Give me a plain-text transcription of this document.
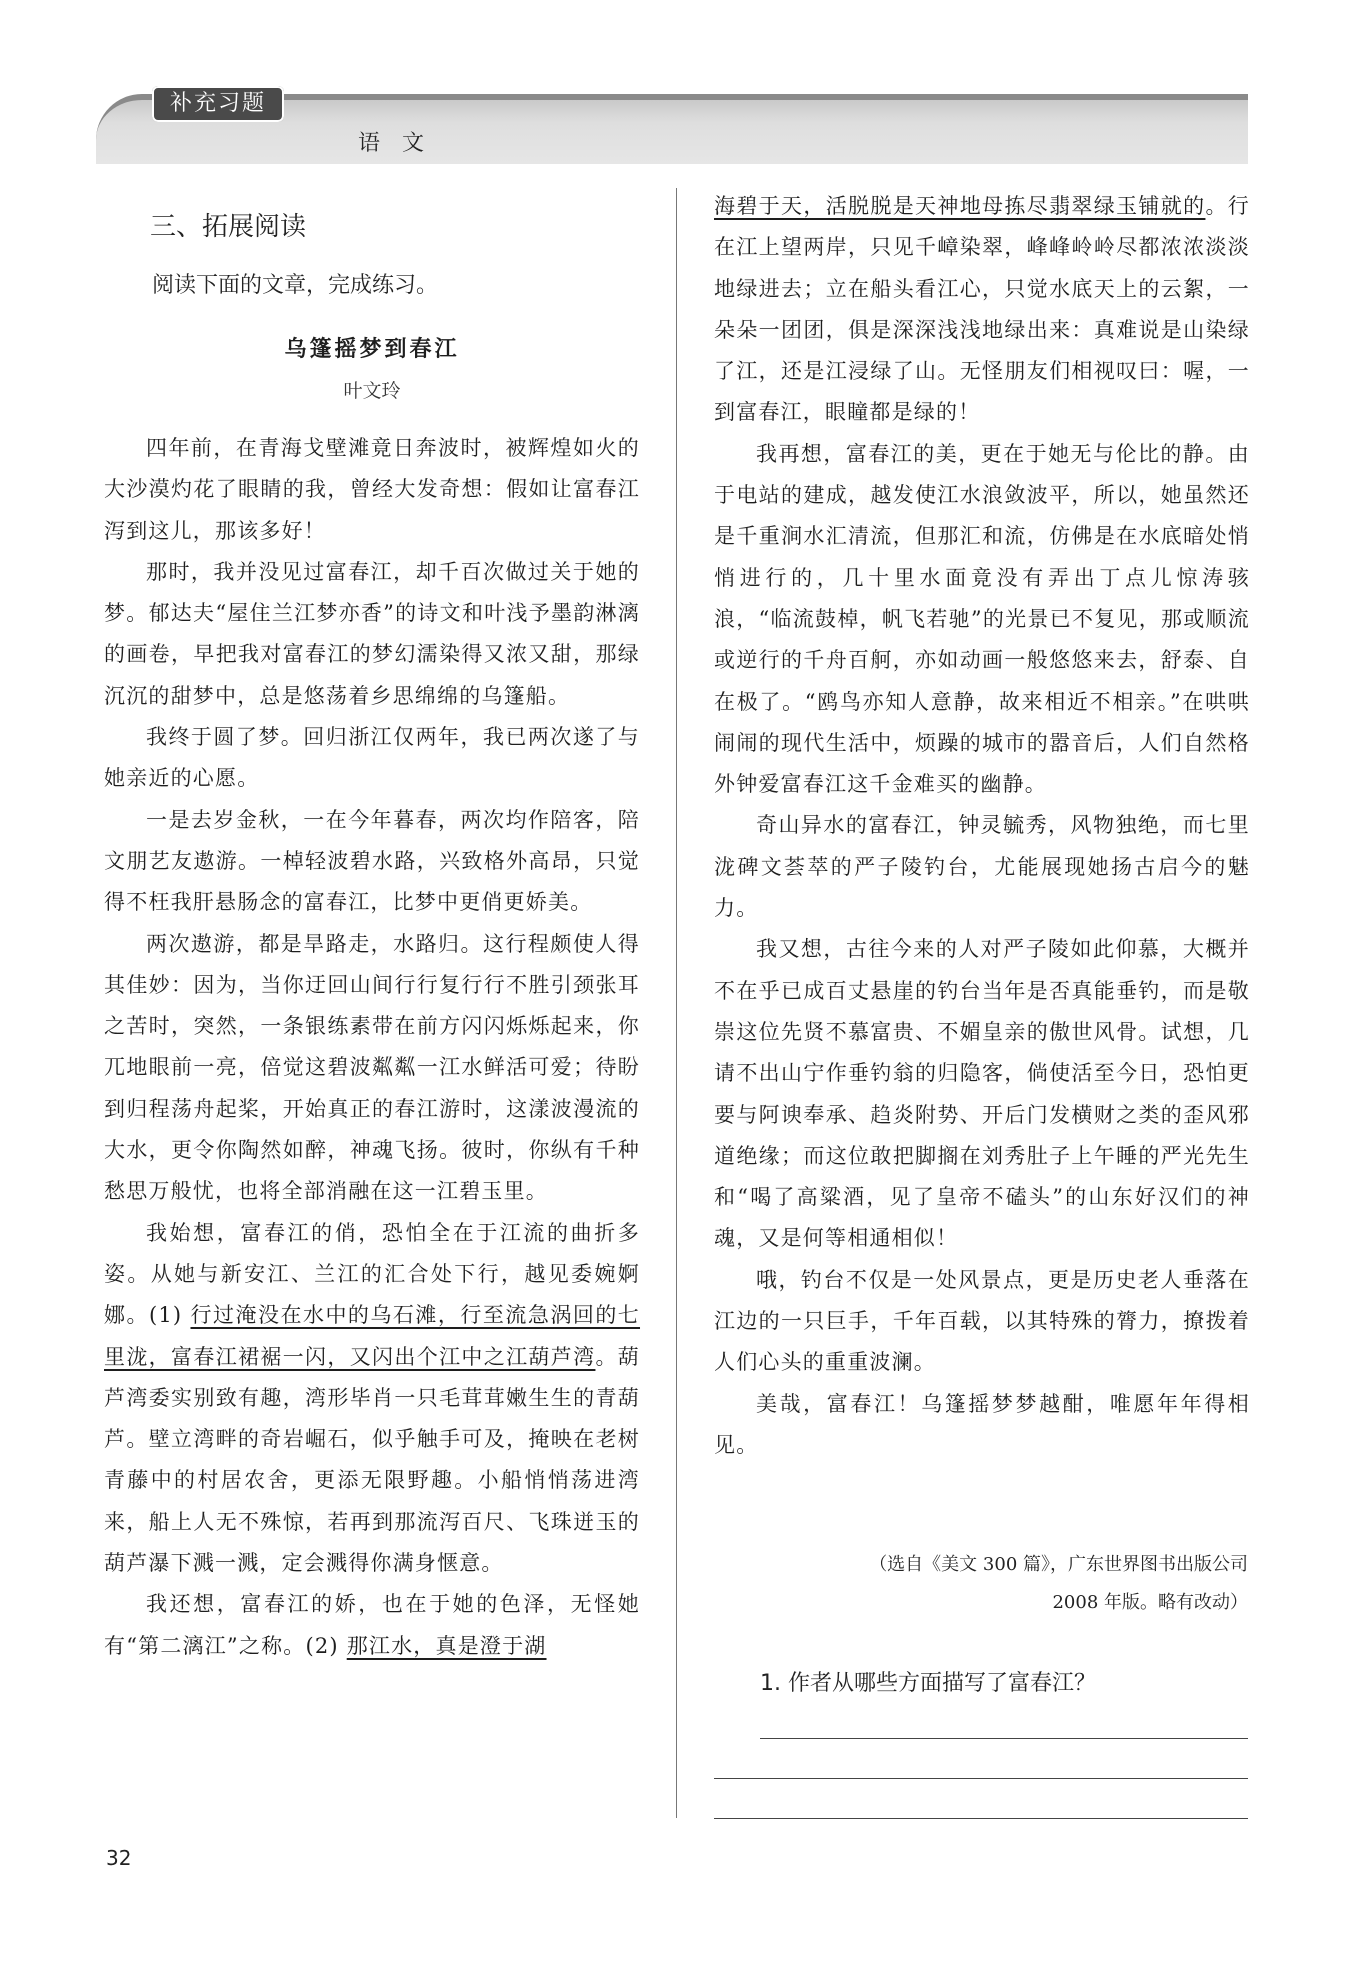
补充习题
语文
三、拓展阅读
阅读下面的文章，完成练习。
乌篷摇梦到春江
叶文玲

四年前，在青海戈壁滩竟日奔波时，被辉煌如火的大沙漠灼花了眼睛的我，曾经大发奇想：假如让富春江泻到这儿，那该多好！

那时，我并没见过富春江，却千百次做过关于她的梦。郁达夫“屋住兰江梦亦香”的诗文和叶浅予墨韵淋漓的画卷，早把我对富春江的梦幻濡染得又浓又甜，那绿沉沉的甜梦中，总是悠荡着乡思绵绵的乌篷船。

我终于圆了梦。回归浙江仅两年，我已两次遂了与她亲近的心愿。

一是去岁金秋，一在今年暮春，两次均作陪客，陪文朋艺友遨游。一棹轻波碧水路，兴致格外高昂，只觉得不枉我肝悬肠念的富春江，比梦中更俏更娇美。

两次遨游，都是旱路走，水路归。这行程颇使人得其佳妙：因为，当你迂回山间行行复行行不胜引颈张耳之苦时，突然，一条银练素带在前方闪闪烁烁起来，你兀地眼前一亮，倍觉这碧波粼粼一江水鲜活可爱；待盼到归程荡舟起桨，开始真正的春江游时，这漾波漫流的大水，更令你陶然如醉，神魂飞扬。彼时，你纵有千种愁思万般忧，也将全部消融在这一江碧玉里。

我始想，富春江的俏，恐怕全在于江流的曲折多姿。从她与新安江、兰江的汇合处下行，越见委婉婀娜。(1) 行过淹没在水中的乌石滩，行至流急涡回的七里泷，富春江裙裾一闪，又闪出个江中之江葫芦湾。葫芦湾委实别致有趣，湾形毕肖一只毛茸茸嫩生生的青葫芦。壁立湾畔的奇岩崛石，似乎触手可及，掩映在老树青藤中的村居农舍，更添无限野趣。小船悄悄荡进湾来，船上人无不殊惊，若再到那流泻百尺、飞珠迸玉的葫芦瀑下溅一溅，定会溅得你满身惬意。

我还想，富春江的娇，也在于她的色泽，无怪她有“第二漓江”之称。(2) 那江水，真是澄于湖

海碧于天，活脱脱是天神地母拣尽翡翠绿玉铺就的。行在江上望两岸，只见千嶂染翠，峰峰岭岭尽都浓浓淡淡地绿进去；立在船头看江心，只觉水底天上的云絮，一朵朵一团团，俱是深深浅浅地绿出来：真难说是山染绿了江，还是江浸绿了山。无怪朋友们相视叹曰：喔，一到富春江，眼瞳都是绿的！

我再想，富春江的美，更在于她无与伦比的静。由于电站的建成，越发使江水浪敛波平，所以，她虽然还是千重涧水汇清流，但那汇和流，仿佛是在水底暗处悄悄进行的，几十里水面竟没有弄出丁点儿惊涛骇浪，“临流鼓棹，帆飞若驰”的光景已不复见，那或顺流或逆行的千舟百舸，亦如动画一般悠悠来去，舒泰、自在极了。“鸥鸟亦知人意静，故来相近不相亲。”在哄哄闹闹的现代生活中，烦躁的城市的嚣音后，人们自然格外钟爱富春江这千金难买的幽静。

奇山异水的富春江，钟灵毓秀，风物独绝，而七里泷碑文荟萃的严子陵钓台，尤能展现她扬古启今的魅力。

我又想，古往今来的人对严子陵如此仰慕，大概并不在乎已成百丈悬崖的钓台当年是否真能垂钓，而是敬崇这位先贤不慕富贵、不媚皇亲的傲世风骨。试想，几请不出山宁作垂钓翁的归隐客，倘使活至今日，恐怕更要与阿谀奉承、趋炎附势、开后门发横财之类的歪风邪道绝缘；而这位敢把脚搁在刘秀肚子上午睡的严光先生和“喝了高粱酒，见了皇帝不磕头”的山东好汉们的神魂，又是何等相通相似！

哦，钓台不仅是一处风景点，更是历史老人垂落在江边的一只巨手，千年百载，以其特殊的膂力，撩拨着人们心头的重重波澜。

美哉，富春江！乌篷摇梦梦越酣，唯愿年年得相见。

（选自《美文 300 篇》，广东世界图书出版公司
2008 年版。略有改动）
1. 作者从哪些方面描写了富春江？
32
